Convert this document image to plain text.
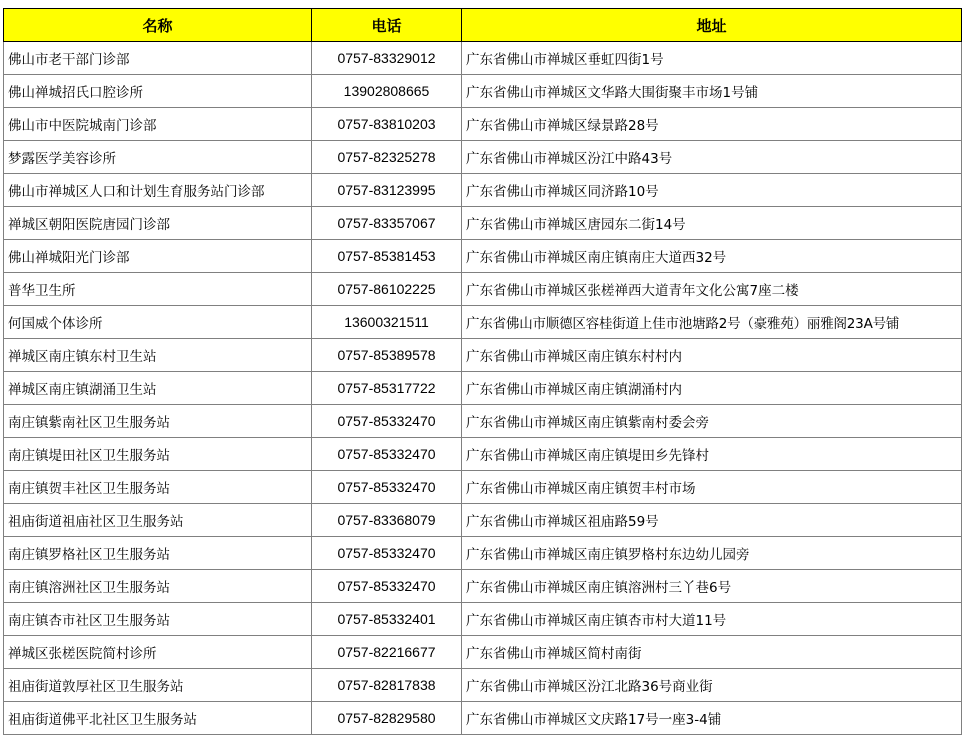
名称	电话	地址
佛山市老干部门诊部	0757-83329012	广东省佛山市禅城区垂虹四街1号
佛山禅城招氏口腔诊所	13902808665	广东省佛山市禅城区文华路大围街聚丰市场1号铺
佛山市中医院城南门诊部	0757-83810203	广东省佛山市禅城区绿景路28号
梦露医学美容诊所	0757-82325278	广东省佛山市禅城区汾江中路43号
佛山市禅城区人口和计划生育服务站门诊部	0757-83123995	广东省佛山市禅城区同济路10号
禅城区朝阳医院唐园门诊部	0757-83357067	广东省佛山市禅城区唐园东二街14号
佛山禅城阳光门诊部	0757-85381453	广东省佛山市禅城区南庄镇南庄大道西32号
普华卫生所	0757-86102225	广东省佛山市禅城区张槎禅西大道青年文化公寓7座二楼
何国威个体诊所	13600321511	广东省佛山市顺德区容桂街道上佳市池塘路2号（豪雅苑）丽雅阁23A号铺
禅城区南庄镇东村卫生站	0757-85389578	广东省佛山市禅城区南庄镇东村村内
禅城区南庄镇湖涌卫生站	0757-85317722	广东省佛山市禅城区南庄镇湖涌村内
南庄镇紫南社区卫生服务站	0757-85332470	广东省佛山市禅城区南庄镇紫南村委会旁
南庄镇堤田社区卫生服务站	0757-85332470	广东省佛山市禅城区南庄镇堤田乡先锋村
南庄镇贺丰社区卫生服务站	0757-85332470	广东省佛山市禅城区南庄镇贺丰村市场
祖庙街道祖庙社区卫生服务站	0757-83368079	广东省佛山市禅城区祖庙路59号
南庄镇罗格社区卫生服务站	0757-85332470	广东省佛山市禅城区南庄镇罗格村东边幼儿园旁
南庄镇溶洲社区卫生服务站	0757-85332470	广东省佛山市禅城区南庄镇溶洲村三丫巷6号
南庄镇杏市社区卫生服务站	0757-85332401	广东省佛山市禅城区南庄镇杏市村大道11号
禅城区张槎医院简村诊所	0757-82216677	广东省佛山市禅城区简村南街
祖庙街道敦厚社区卫生服务站	0757-82817838	广东省佛山市禅城区汾江北路36号商业街
祖庙街道佛平北社区卫生服务站	0757-82829580	广东省佛山市禅城区文庆路17号一座3-4铺
